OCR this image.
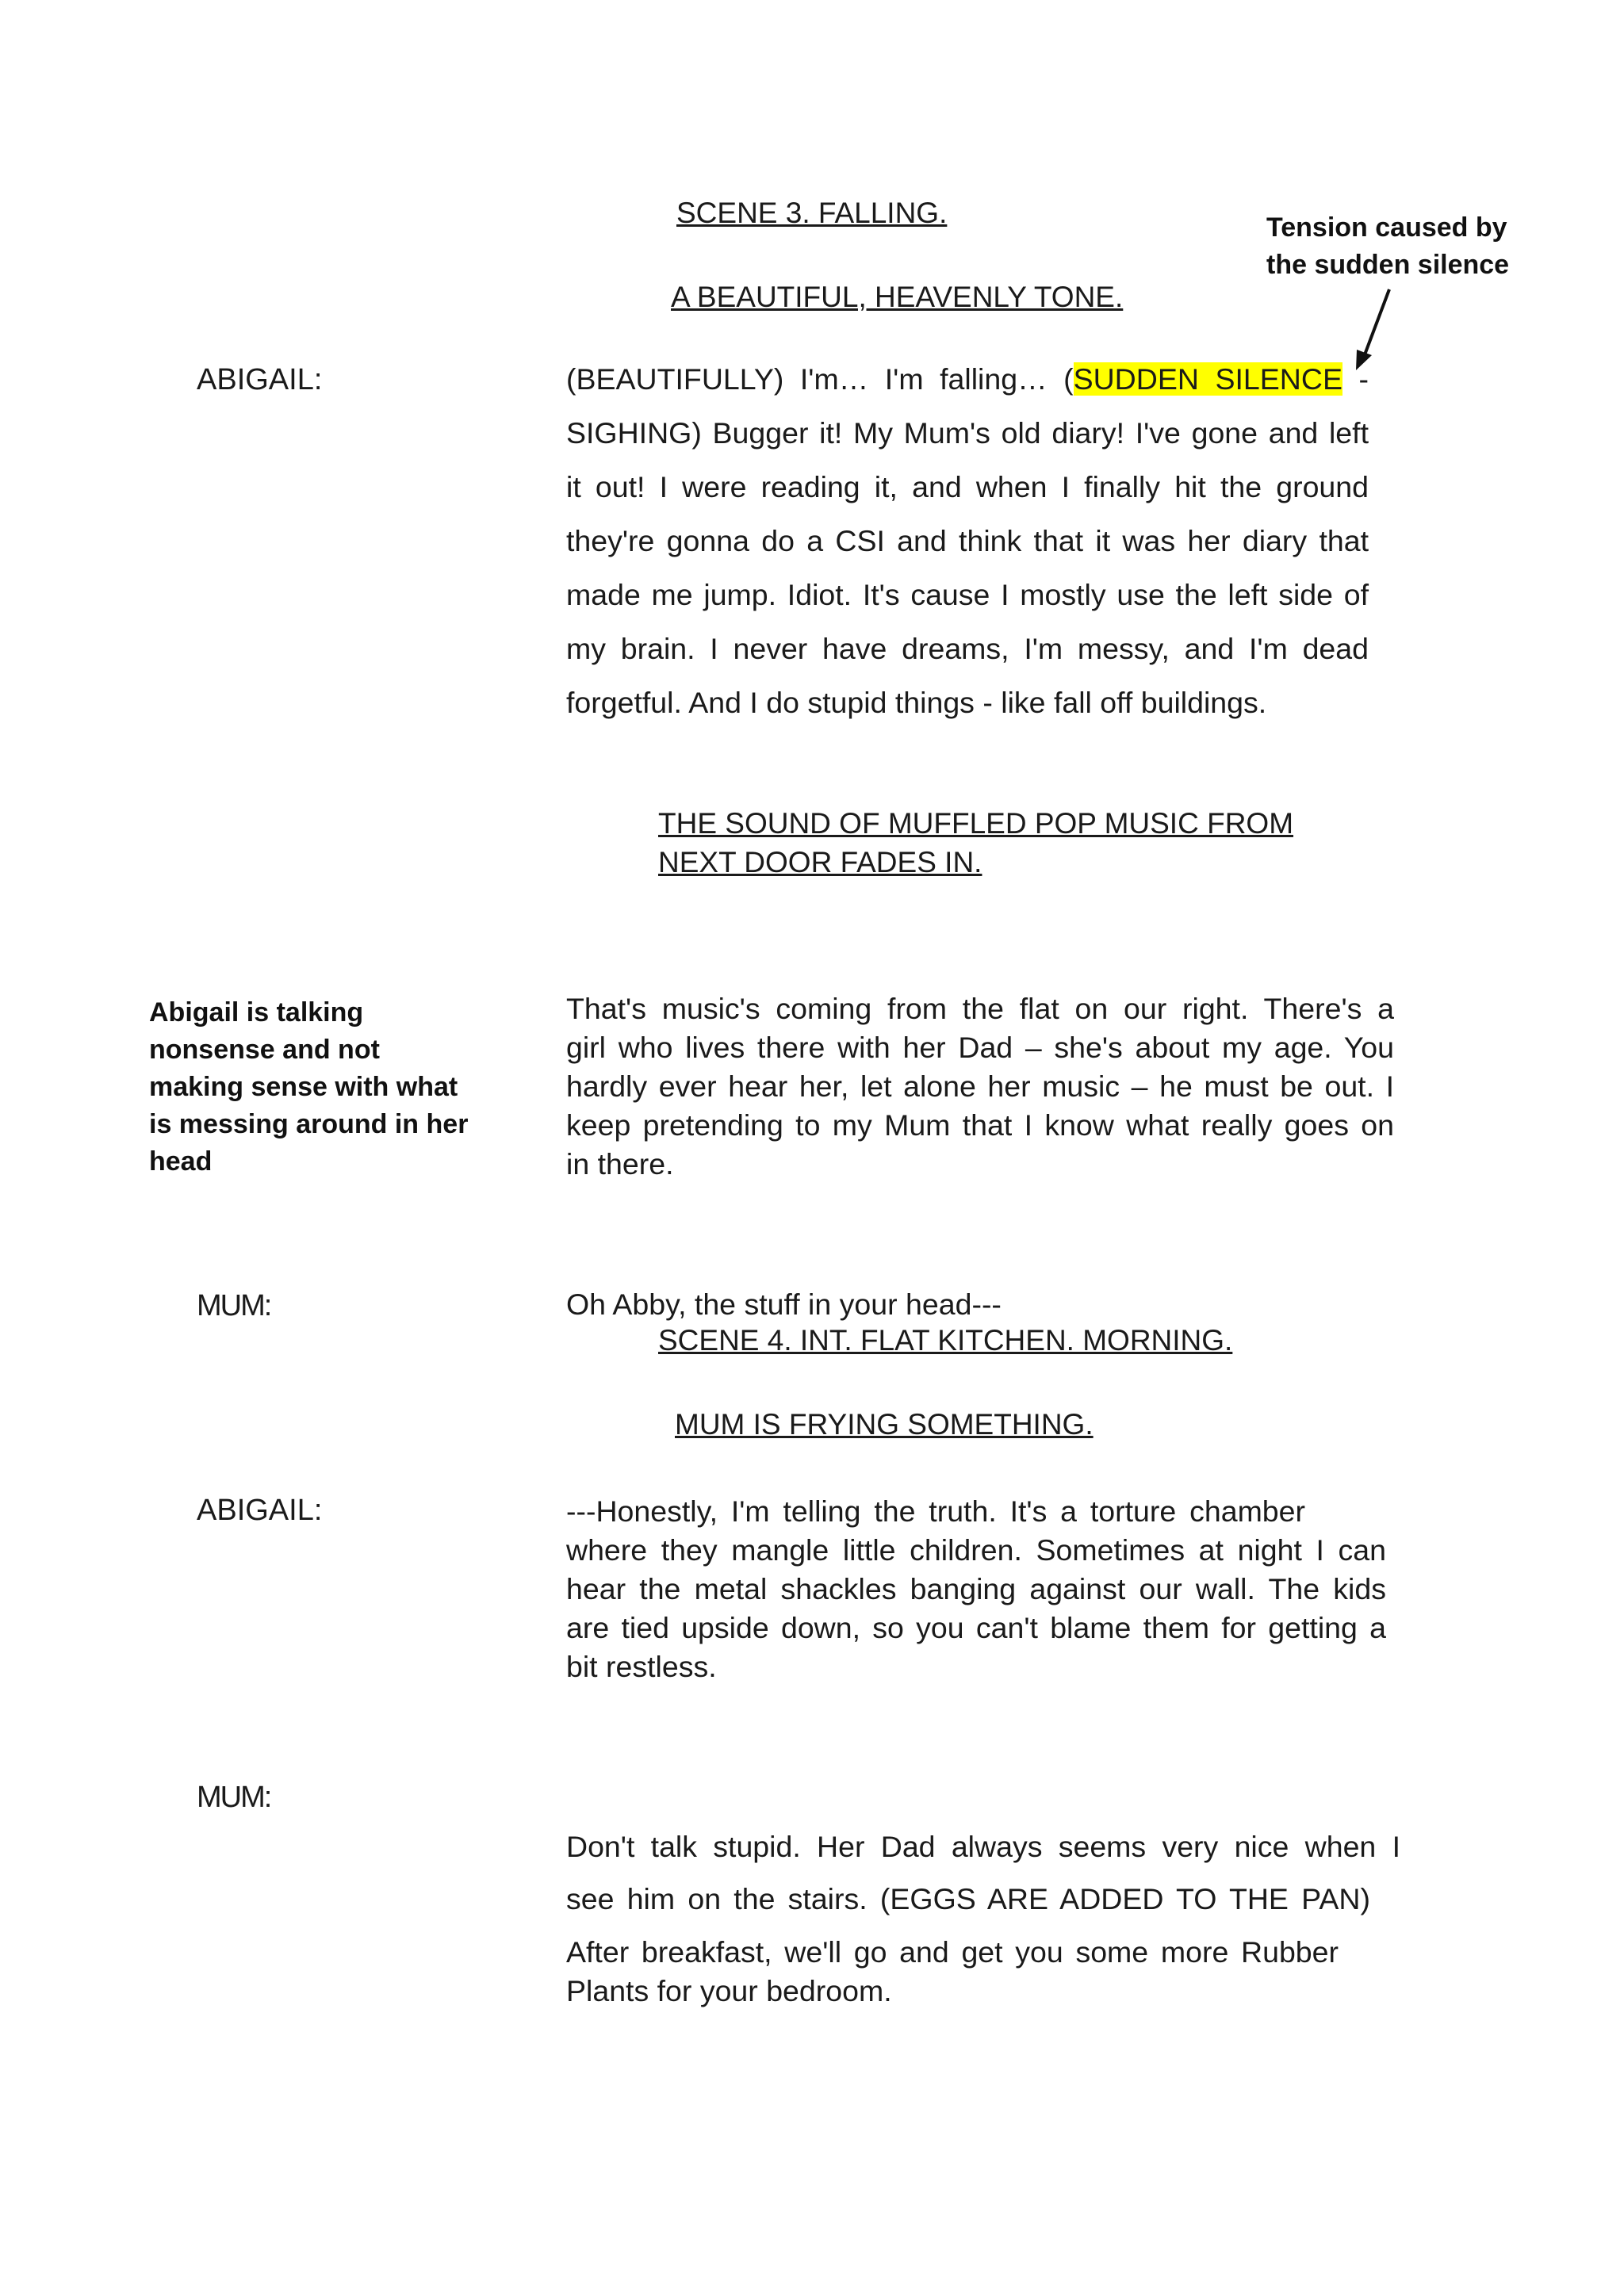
SCENE 3. FALLING.
A BEAUTIFUL, HEAVENLY TONE.
Tension caused by
the sudden silence
ABIGAIL:	(BEAUTIFULLY) I'm… I'm falling… (SUDDEN SILENCE -
SIGHING) Bugger it! My Mum's old diary! I've gone and left
it out! I were reading it, and when I finally hit the ground
they're gonna do a CSI and think that it was her diary that
made me jump. Idiot. It's cause I mostly use the left side of
my brain. I never have dreams, I'm messy, and I'm dead
forgetful. And I do stupid things - like fall off buildings.
THE SOUND OF MUFFLED POP MUSIC FROM
NEXT DOOR FADES IN.
Abigail is talking
nonsense and not
making sense with what
is messing around in her
head
That's music's coming from the flat on our right. There's a
girl who lives there with her Dad – she's about my age. You
hardly ever hear her, let alone her music – he must be out. I
keep pretending to my Mum that I know what really goes on
in there.
MUM:	Oh Abby, the stuff in your head---
SCENE 4. INT. FLAT KITCHEN. MORNING.
MUM IS FRYING SOMETHING.
ABIGAIL:	---Honestly, I'm telling the truth. It's a torture chamber
where they mangle little children. Sometimes at night I can
hear the metal shackles banging against our wall. The kids
are tied upside down, so you can't blame them for getting a
bit restless.
MUM:
Don't talk stupid. Her Dad always seems very nice when I
see him on the stairs. (EGGS ARE ADDED TO THE PAN)
After breakfast, we'll go and get you some more Rubber
Plants for your bedroom.
